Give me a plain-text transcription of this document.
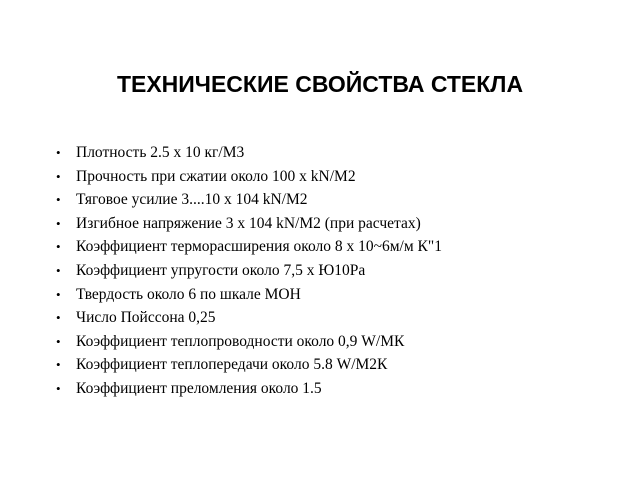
ТЕХНИЧЕСКИЕ СВОЙСТВА СТЕКЛА
• Плотность 2.5 х 10 кг/М3
• Прочность при сжатии около 100 х kN/М2
• Тяговое усилие 3....10 х 104 kN/М2
• Изгибное напряжение 3 х 104 kN/М2 (при расчетах)
• Коэффициент терморасширения около 8 х 10~6м/м К"1
• Коэффициент упругости около 7,5 х Ю10Ра
• Твердость около 6 по шкале МОН
• Число Пойссона 0,25
• Коэффициент теплопроводности около 0,9 W/МК
• Коэффициент теплопередачи около 5.8 W/М2К
• Коэффициент преломления около 1.5
